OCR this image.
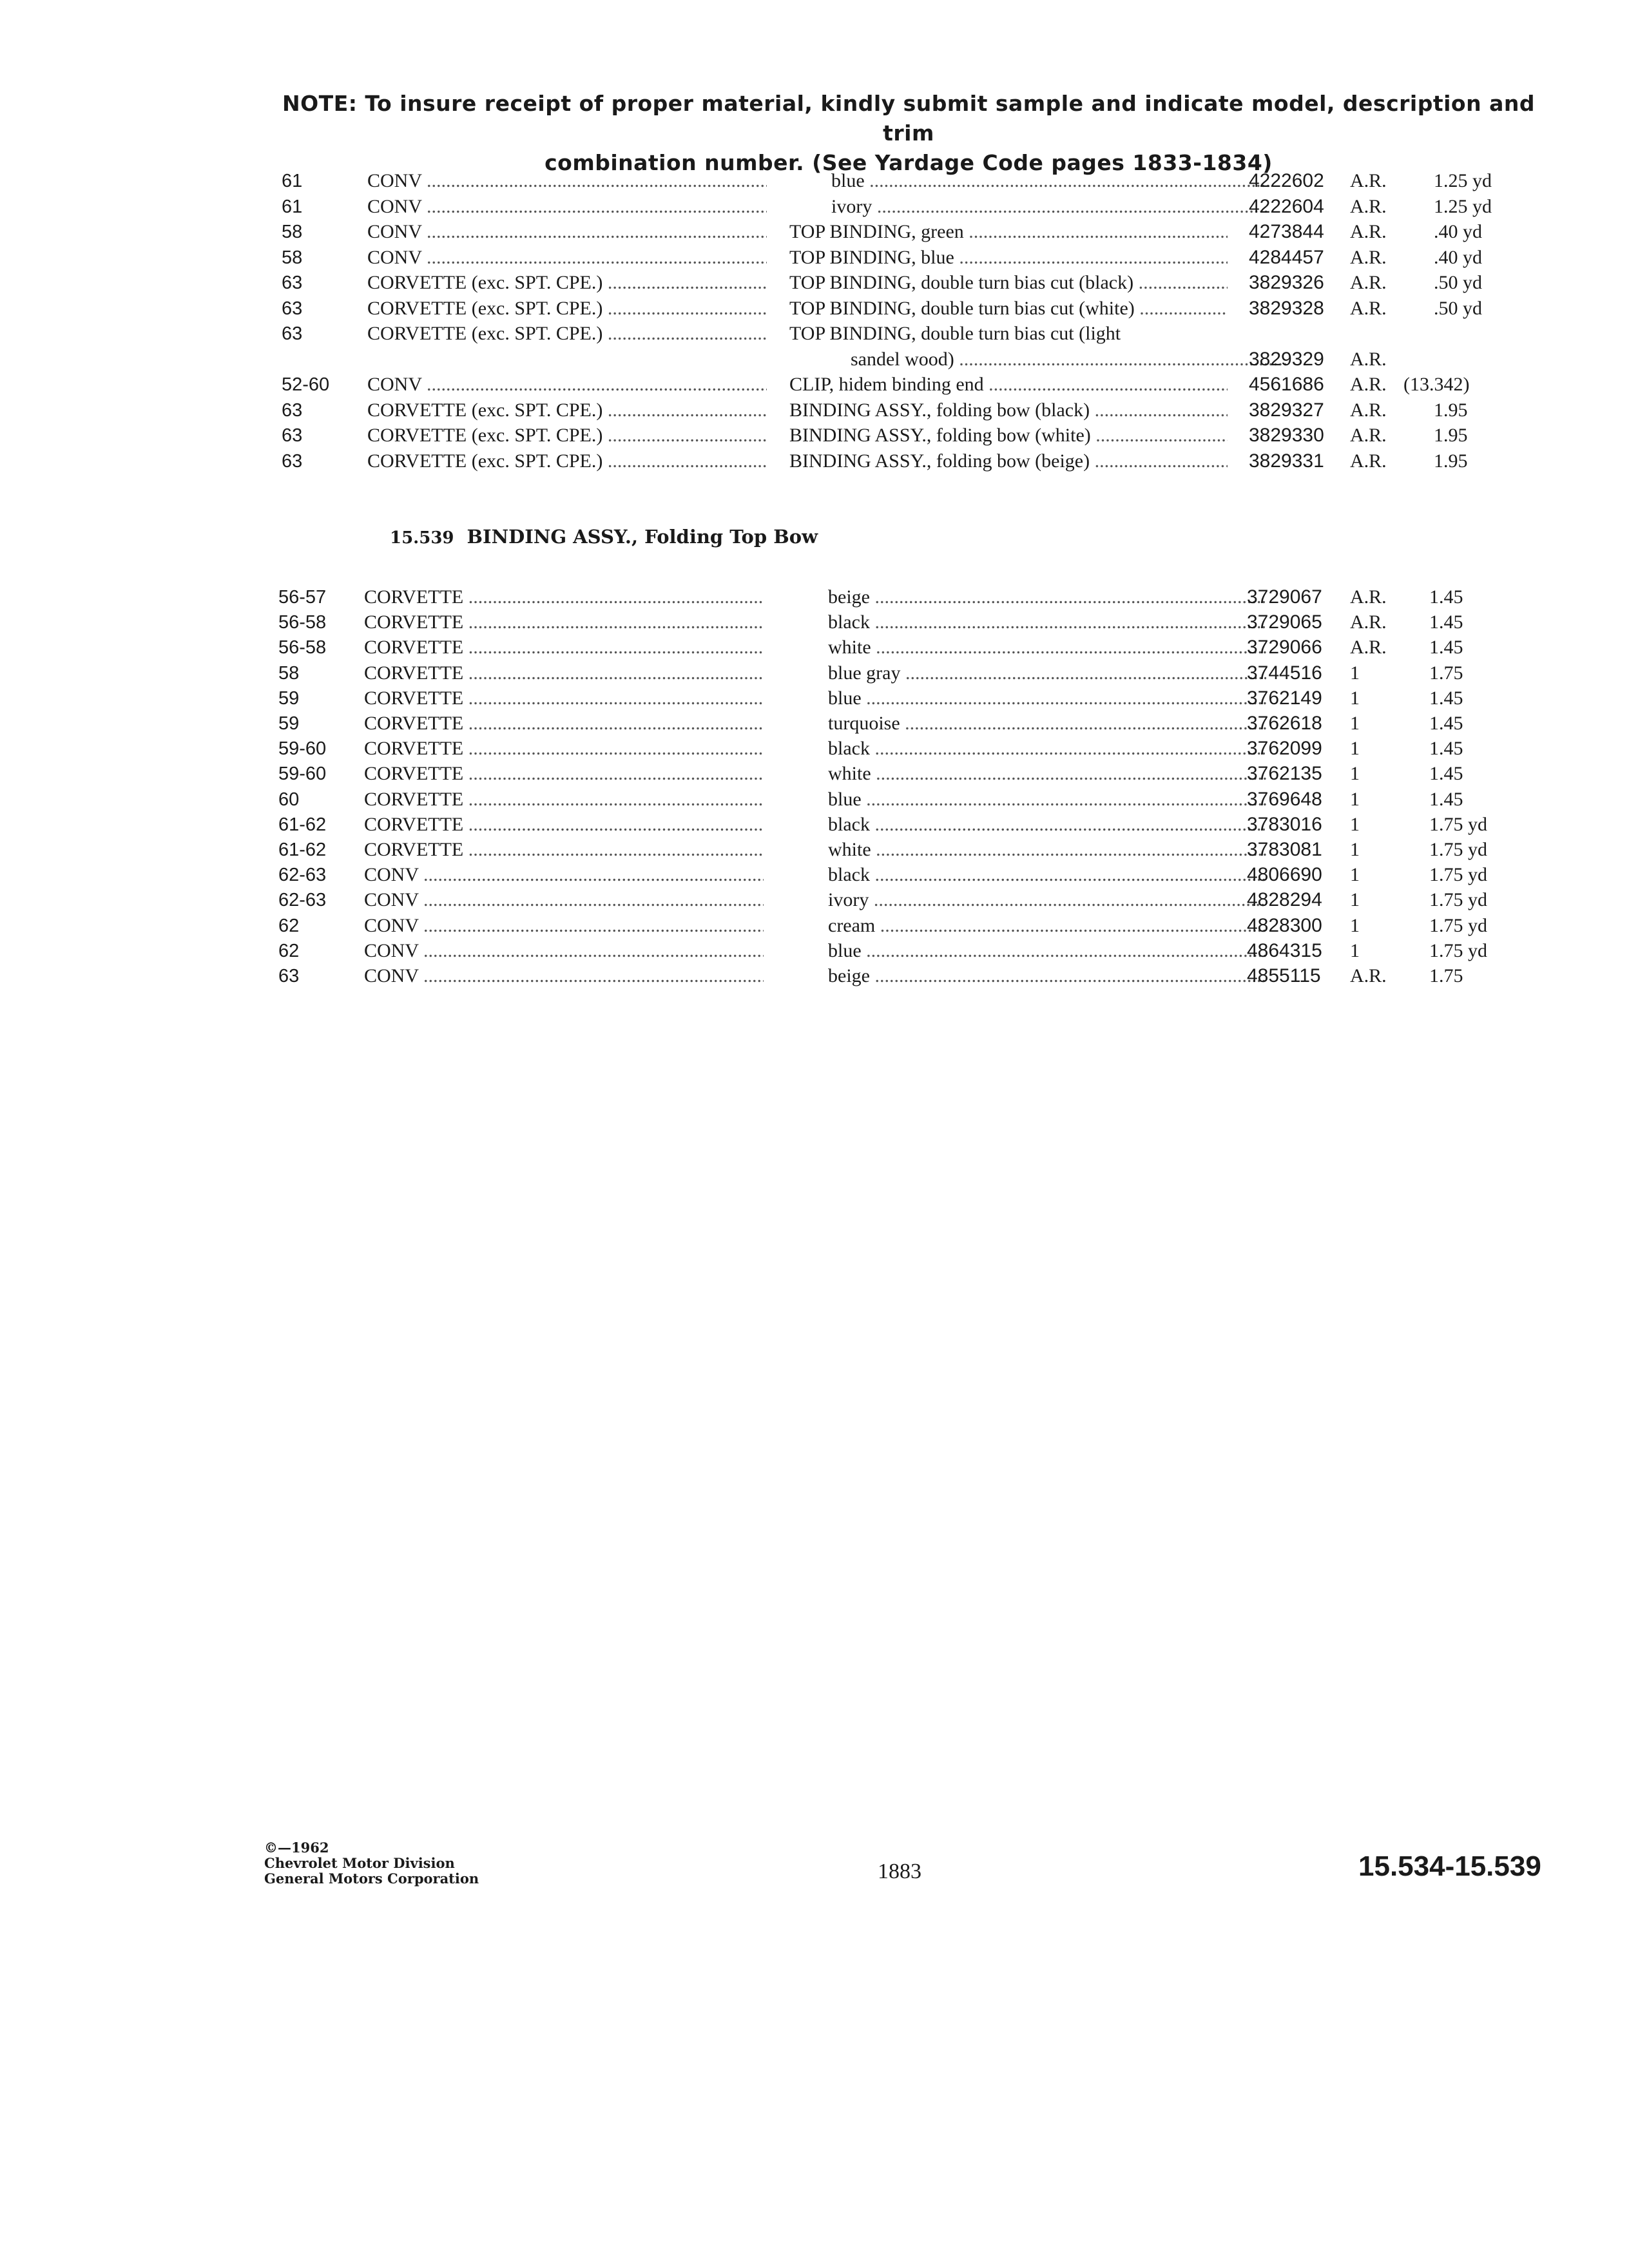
NOTE: To insure receipt of proper material, kindly submit sample and indicate model, description and trim
combination number. (See Yardage Code pages 1833-1834)
61	CONV .....	blue .....	4222602 A.R. 1.25 yd
61	CONV .....	ivory .....	4222604 A.R. 1.25 yd
58	CONV .....	TOP BINDING, green .....	4273844 A.R. .40 yd
58	CONV .....	TOP BINDING, blue .....	4284457 A.R. .40 yd
63	CORVETTE (exc. SPT. CPE.) .....	TOP BINDING, double turn bias cut (black) .....	3829326 A.R. .50 yd
63	CORVETTE (exc. SPT. CPE.) .....	TOP BINDING, double turn bias cut (white) .....	3829328 A.R. .50 yd
63	CORVETTE (exc. SPT. CPE.) .....	TOP BINDING, double turn bias cut (light
sandel wood) .....	3829329 A.R.
52-60 CONV .....	CLIP, hidem binding end .....	4561686 A.R. (13.342)
63	CORVETTE (exc. SPT. CPE.) .....	BINDING ASSY., folding bow (black) .....	3829327 A.R. 1.95
63	CORVETTE (exc. SPT. CPE.) .....	BINDING ASSY., folding bow (white) .....	3829330 A.R. 1.95
63	CORVETTE (exc. SPT. CPE.) .....	BINDING ASSY., folding bow (beige) .....	3829331 A.R. 1.95
15.539 BINDING ASSY., Folding Top Bow
56-57 CORVETTE .....	beige .....	3729067 A.R. 1.45
56-58 CORVETTE .....	black .....	3729065 A.R. 1.45
56-58 CORVETTE .....	white .....	3729066 A.R. 1.45
58	CORVETTE .....	blue gray .....	3744516 1	1.75
59	CORVETTE .....	blue .....	3762149 1	1.45
59	CORVETTE .....	turquoise .....	3762618 1	1.45
59-60 CORVETTE .....	black .....	3762099 1	1.45
59-60 CORVETTE .....	white .....	3762135 1	1.45
60	CORVETTE .....	blue .....	3769648 1	1.45
61-62 CORVETTE .....	black .....	3783016 1	1.75 yd
61-62 CORVETTE .....	white .....	3783081 1	1.75 yd
62-63 CONV .....	black .....	4806690 1	1.75 yd
62-63 CONV .....	ivory .....	4828294 1	1.75 yd
62	CONV .....	cream .....	4828300 1	1.75 yd
62	CONV .....	blue .....	4864315 1	1.75 yd
63	CONV .....	beige .....	4855115 A.R. 1.75
©—1962
Chevrolet Motor Division
General Motors Corporation	1883	15.534-15.539
